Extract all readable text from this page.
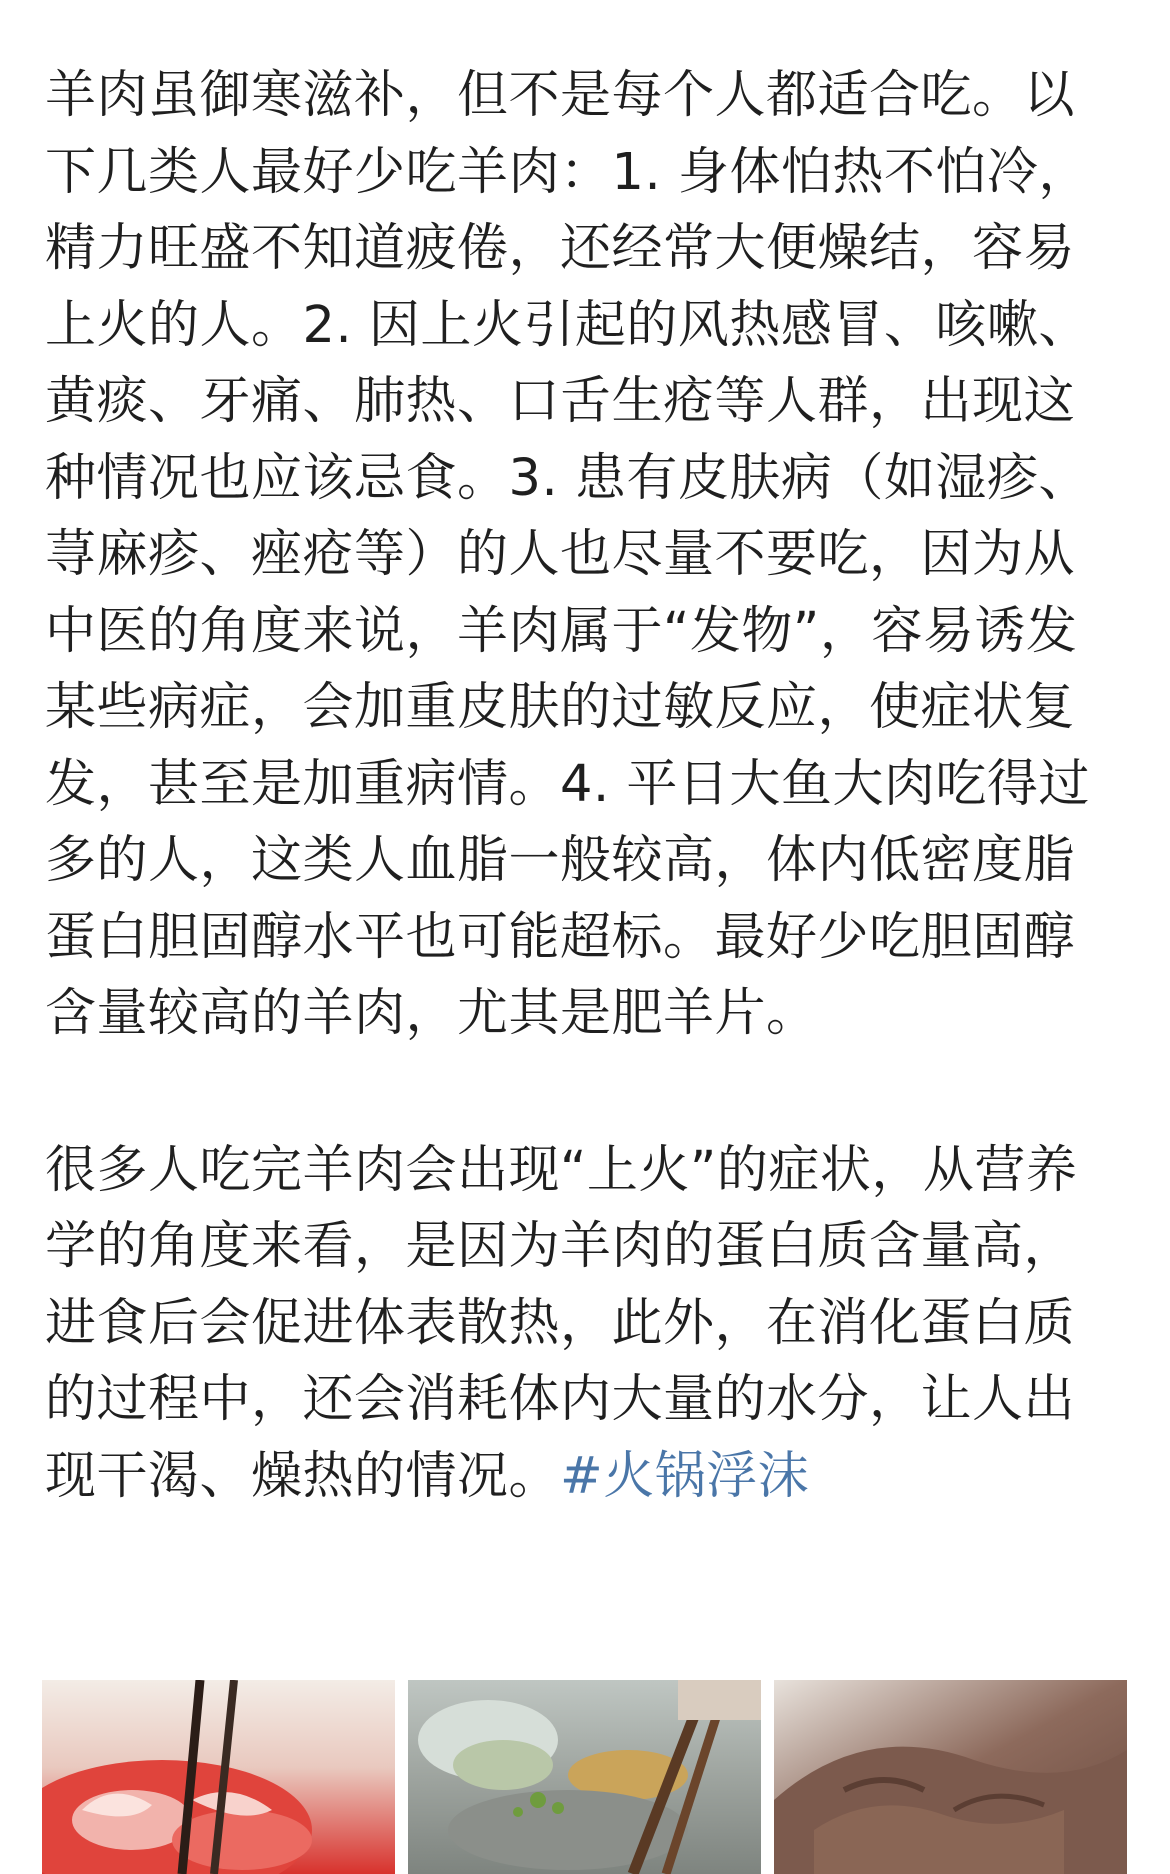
羊肉虽御寒滋补，但不是每个人都适合吃。以下几类人最好少吃羊肉：1. 身体怕热不怕冷，精力旺盛不知道疲倦，还经常大便燥结，容易上火的人。2. 因上火引起的风热感冒、咳嗽、黄痰、牙痛、肺热、口舌生疮等人群，出现这种情况也应该忌食。3. 患有皮肤病（如湿疹、荨麻疹、痤疮等）的人也尽量不要吃，因为从中医的角度来说，羊肉属于“发物”，容易诱发某些病症，会加重皮肤的过敏反应，使症状复发，甚至是加重病情。4. 平日大鱼大肉吃得过多的人，这类人血脂一般较高，体内低密度脂蛋白胆固醇水平也可能超标。最好少吃胆固醇含量较高的羊肉，尤其是肥羊片。

很多人吃完羊肉会出现“上火”的症状，从营养学的角度来看，是因为羊肉的蛋白质含量高，进食后会促进体表散热，此外，在消化蛋白质的过程中，还会消耗体内大量的水分，让人出现干渴、燥热的情况。#火锅浮沫
